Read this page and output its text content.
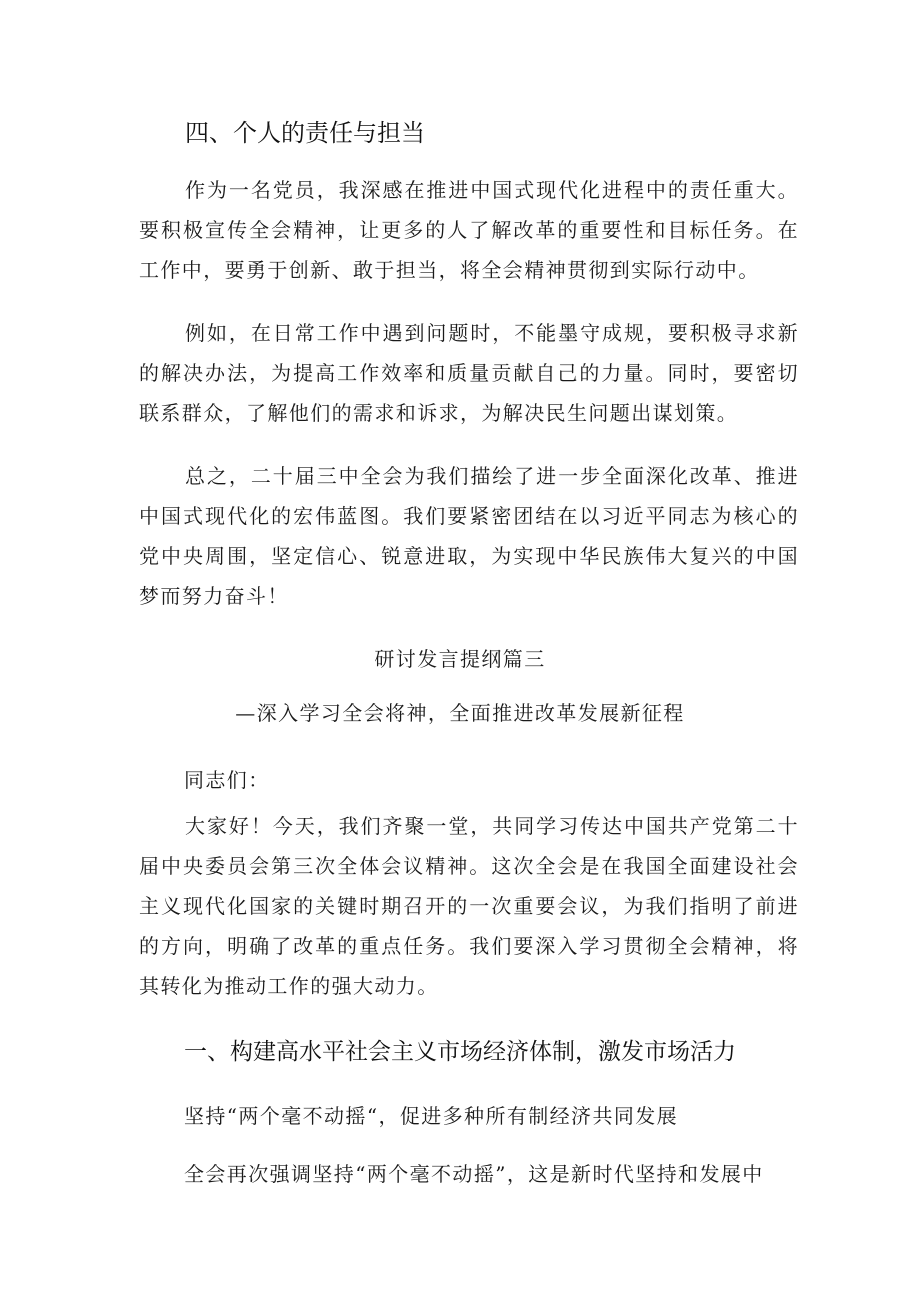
四、个人的责任与担当

作为一名党员，我深感在推进中国式现代化进程中的责任重大。要积极宣传全会精神，让更多的人了解改革的重要性和目标任务。在工作中，要勇于创新、敢于担当，将全会精神贯彻到实际行动中。

例如，在日常工作中遇到问题时，不能墨守成规，要积极寻求新的解决办法，为提高工作效率和质量贡献自己的力量。同时，要密切联系群众，了解他们的需求和诉求，为解决民生问题出谋划策。

总之，二十届三中全会为我们描绘了进一步全面深化改革、推进中国式现代化的宏伟蓝图。我们要紧密团结在以习近平同志为核心的党中央周围，坚定信心、锐意进取，为实现中华民族伟大复兴的中国梦而努力奋斗！

研讨发言提纲篇三
—深入学习全会将神，全面推进改革发展新征程
同志们：

大家好！今天，我们齐聚一堂，共同学习传达中国共产党第二十届中央委员会第三次全体会议精神。这次全会是在我国全面建设社会主义现代化国家的关键时期召开的一次重要会议，为我们指明了前进的方向，明确了改革的重点任务。我们要深入学习贯彻全会精神，将其转化为推动工作的强大动力。

一、构建高水平社会主义市场经济体制，激发市场活力
坚持“两个毫不动摇“，促进多种所有制经济共同发展
全会再次强调坚持“两个毫不动摇”，这是新时代坚持和发展中
